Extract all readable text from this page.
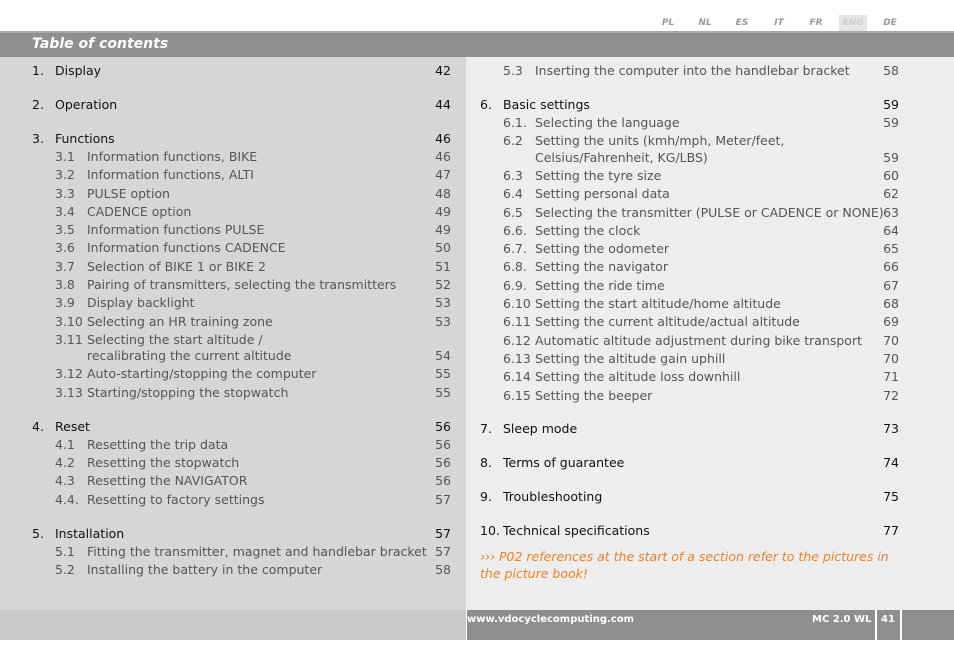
PL	NL	ES	IT	FR	ENG	DE
Table of contents
1. Display	42
2. Operation	44
3. Functions	46
3.1 Information functions, BIKE	46
3.2 Information functions, ALTI	47
3.3 PULSE option	48
3.4 CADENCE option	49
3.5 Information functions PULSE	49
3.6 Information functions CADENCE	50
3.7 Selection of BIKE 1 or BIKE 2	51
3.8 Pairing of transmitters, selecting the transmitters	52
3.9 Display backlight	53
3.10 Selecting an HR training zone	53
3.11 Selecting the start altitude /
recalibrating the current altitude	54
3.12 Auto-starting/stopping the computer	55
3.13 Starting/stopping the stopwatch	55
4. Reset	56
4.1 Resetting the trip data	56
4.2 Resetting the stopwatch	56
4.3 Resetting the NAVIGATOR	56
4.4. Resetting to factory settings	57
5. Installation	57
5.1 Fitting the transmitter, magnet and handlebar bracket 57
5.2 Installing the battery in the computer	58
5.3 Inserting the computer into the handlebar bracket	58
6. Basic settings	59
6.1. Selecting the language	59
6.2 Setting the units (kmh/mph, Meter/feet,
Celsius/Fahrenheit, KG/LBS)	59
6.3 Setting the tyre size	60
6.4 Setting personal data	62
6.5 Selecting the transmitter (PULSE or CADENCE or NONE) 63
6.6. Setting the clock	64
6.7. Setting the odometer	65
6.8. Setting the navigator	66
6.9. Setting the ride time	67
6.10 Setting the start altitude/home altitude	68
6.11 Setting the current altitude/actual altitude	69
6.12 Automatic altitude adjustment during bike transport	70
6.13 Setting the altitude gain uphill	70
6.14 Setting the altitude loss downhill	71
6.15 Setting the beeper	72
7. Sleep mode	73
8. Terms of guarantee	74
9. Troubleshooting	75
10. Technical specifications	77
››› P02 references at the start of a section refer to the pictures in the picture book!
www.vdocyclecomputing.com	MC 2.0 WL 41
